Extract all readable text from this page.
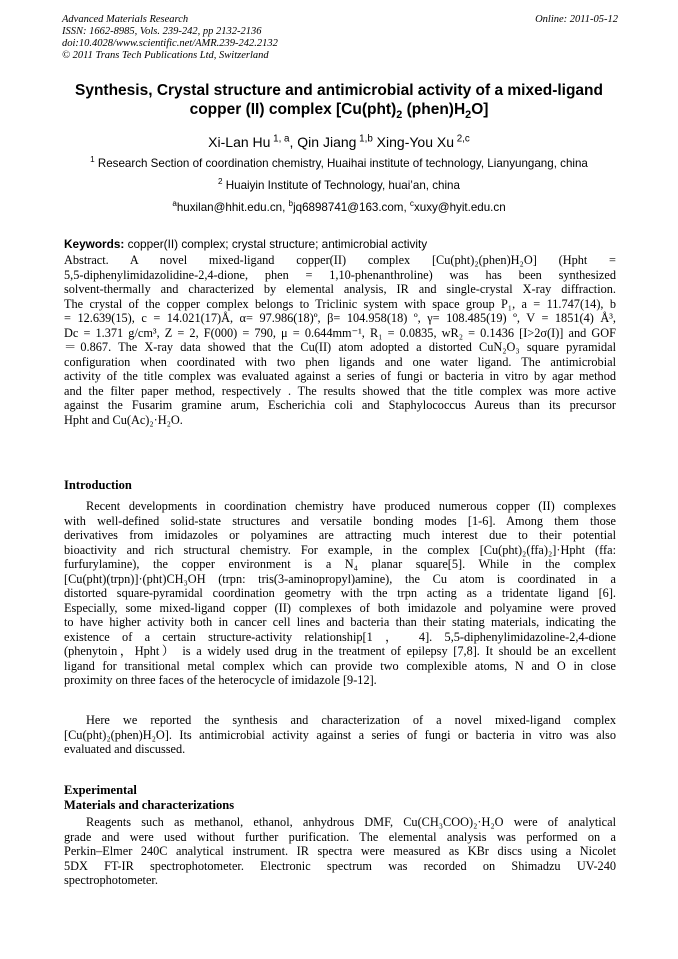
Advanced Materials Research
ISSN: 1662-8985, Vols. 239-242, pp 2132-2136
doi:10.4028/www.scientific.net/AMR.239-242.2132
© 2011 Trans Tech Publications Ltd, Switzerland
Online: 2011-05-12
Synthesis, Crystal structure and antimicrobial activity of a mixed-ligand
copper (II) complex [$Cu(pht)_2$ $(phen)H_2O$]
Xi-Lan Hu $^{1, a}$, Qin Jiang $^{1,b}$ Xing-You Xu $^{2,c}$
$^1$ Research Section of coordination chemistry, Huaihai institute of technology, Lianyungang, china
$^2$ Huaiyin Institute of Technology, huai’an, china
$^a$huxilan@hhit.edu.cn, $^b$jq6898741@163.com, $^c$xuxy@hyit.edu.cn
Keywords: copper(II) complex; crystal structure; antimicrobial activity
Abstract. A novel mixed-ligand copper(II) complex [Cu(pht)₂(phen)H₂O] (Hpht =
5,5-diphenylimidazolidine-2,4-dione, phen = 1,10-phenanthroline) was has been synthesized
solvent-thermally and characterized by elemental analysis, IR and single-crystal X-ray diffraction.
The crystal of the copper complex belongs to Triclinic system with space group P₁, a = 11.747(14), b
= 12.639(15), c = 14.021(17)Å, α= 97.986(18)º, β= 104.958(18) º, γ= 108.485(19) º, V = 1851(4) Å³,
Dc = 1.371 g/cm³, Z = 2, F(000) = 790, μ = 0.644mm⁻¹, R₁ = 0.0835, wR₂ = 0.1436 [I>2σ(I)] and GOF
＝0.867. The X-ray data showed that the Cu(II) atom adopted a distorted CuN₂O₃ square pyramidal
configuration when coordinated with two phen ligands and one water ligand. The antimicrobial
activity of the title complex was evaluated against a series of fungi or bacteria in vitro by agar method
and the filter paper method, respectively . The results showed that the title complex was more active
against the Fusarim gramine arum, Escherichia coli and Staphylococcus Aureus than its precursor
Hpht and Cu(Ac)₂·H₂O.
Introduction
Recent developments in coordination chemistry have produced numerous copper (II) complexes
with well-defined solid-state structures and versatile bonding modes [1-6]. Among them those
derivatives from imidazoles or polyamines are attracting much interest due to their potential
bioactivity and rich structural chemistry. For example, in the complex [Cu(pht)₂(ffa)₂]·Hpht (ffa:
furfurylamine), the copper environment is a N₄ planar square[5]. While in the complex
[Cu(pht)(trpn)]·(pht)CH₃OH (trpn: tris(3-aminopropyl)amine), the Cu atom is coordinated in a
distorted square-pyramidal coordination geometry with the trpn acting as a tridentate ligand [6].
Especially, some mixed-ligand copper (II) complexes of both imidazole and polyamine were proved
to have higher activity both in cancer cell lines and bacteria than their stating materials, indicating the
existence of a certain structure-activity relationship[1 ， 4]. 5,5-diphenylimidazoline-2,4-dione
(phenytoin，Hpht） is a widely used drug in the treatment of epilepsy [7,8]. It should be an excellent
ligand for transitional metal complex which can provide two complexible atoms, N and O in close
proximity on three faces of the heterocycle of imidazole [9-12].
Here we reported the synthesis and characterization of a novel mixed-ligand complex
[Cu(pht)₂(phen)H₂O]. Its antimicrobial activity against a series of fungi or bacteria in vitro was also
evaluated and discussed.
Experimental
Materials and characterizations
Reagents such as methanol, ethanol, anhydrous DMF, Cu(CH₃COO)₂·H₂O were of analytical
grade and were used without further purification. The elemental analysis was performed on a
Perkin–Elmer 240C analytical instrument. IR spectra were measured as KBr discs using a Nicolet
5DX FT-IR spectrophotometer. Electronic spectrum was recorded on Shimadzu UV-240
spectrophotometer.
